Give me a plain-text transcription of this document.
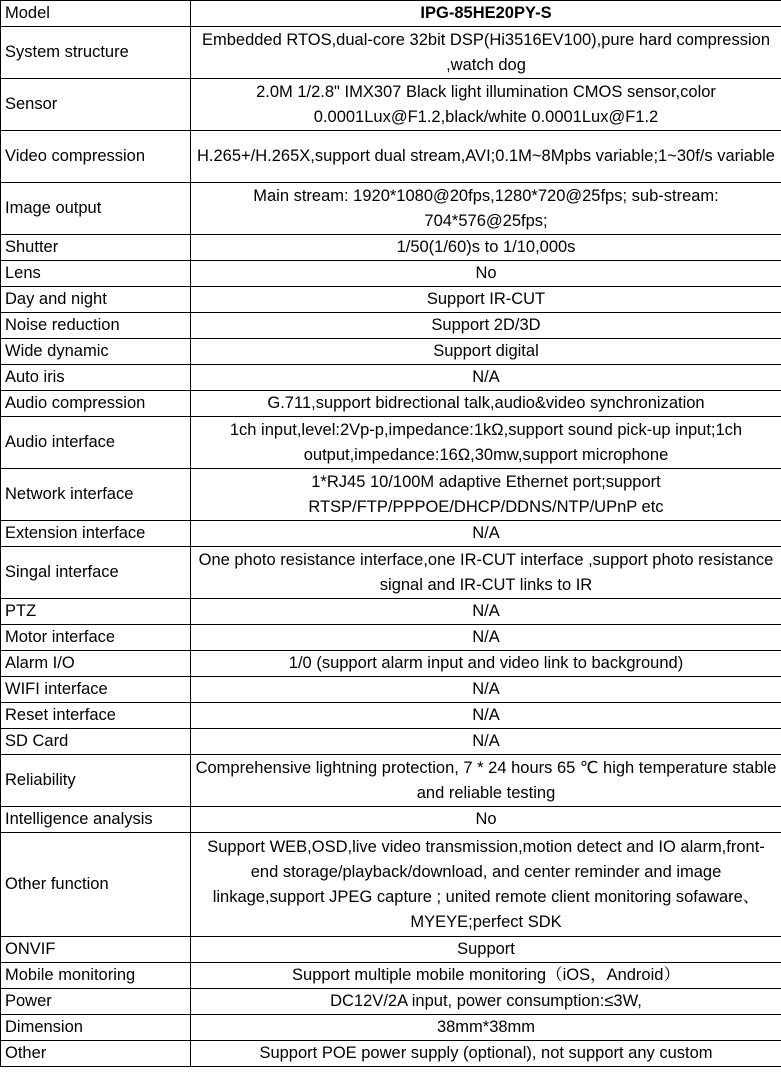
Model	IPG-85HE20PY-S
System structure	Embedded RTOS,dual-core 32bit DSP(Hi3516EV100),pure hard compression ,watch dog
Sensor	2.0M 1/2.8" IMX307 Black light illumination CMOS sensor,color 0.0001Lux@F1.2,black/white 0.0001Lux@F1.2
Video compression	H.265+/H.265X,support dual stream,AVI;0.1M~8Mpbs variable;1~30f/s variable
Image output	Main stream: 1920*1080@20fps,1280*720@25fps; sub-stream: 704*576@25fps;
Shutter	1/50(1/60)s to 1/10,000s
Lens	No
Day and night	Support IR-CUT
Noise reduction	Support 2D/3D
Wide dynamic	Support digital
Auto iris	N/A
Audio compression	G.711,support bidrectional talk,audio&video synchronization
Audio interface	1ch input,level:2Vp-p,impedance:1kΩ,support sound pick-up input;1ch output,impedance:16Ω,30mw,support microphone
Network interface	1*RJ45 10/100M adaptive Ethernet port;support RTSP/FTP/PPPOE/DHCP/DDNS/NTP/UPnP etc
Extension interface	N/A
Singal interface	One photo resistance interface,one IR-CUT interface ,support photo resistance signal and IR-CUT links to IR
PTZ	N/A
Motor interface	N/A
Alarm I/O	1/0 (support alarm input and video link to background)
WIFI interface	N/A
Reset interface	N/A
SD Card	N/A
Reliability	Comprehensive lightning protection, 7 * 24 hours 65 ℃ high temperature stable and reliable testing
Intelligence analysis	No
Other function	Support WEB,OSD,live video transmission,motion detect and IO alarm,front-end storage/playback/download, and center reminder and image linkage,support JPEG capture ; united remote client monitoring sofaware、MYEYE;perfect SDK
ONVIF	Support
Mobile monitoring	Support multiple mobile monitoring（iOS，Android）
Power	DC12V/2A input, power consumption:≤3W,
Dimension	38mm*38mm
Other	Support POE power supply (optional), not support any custom
